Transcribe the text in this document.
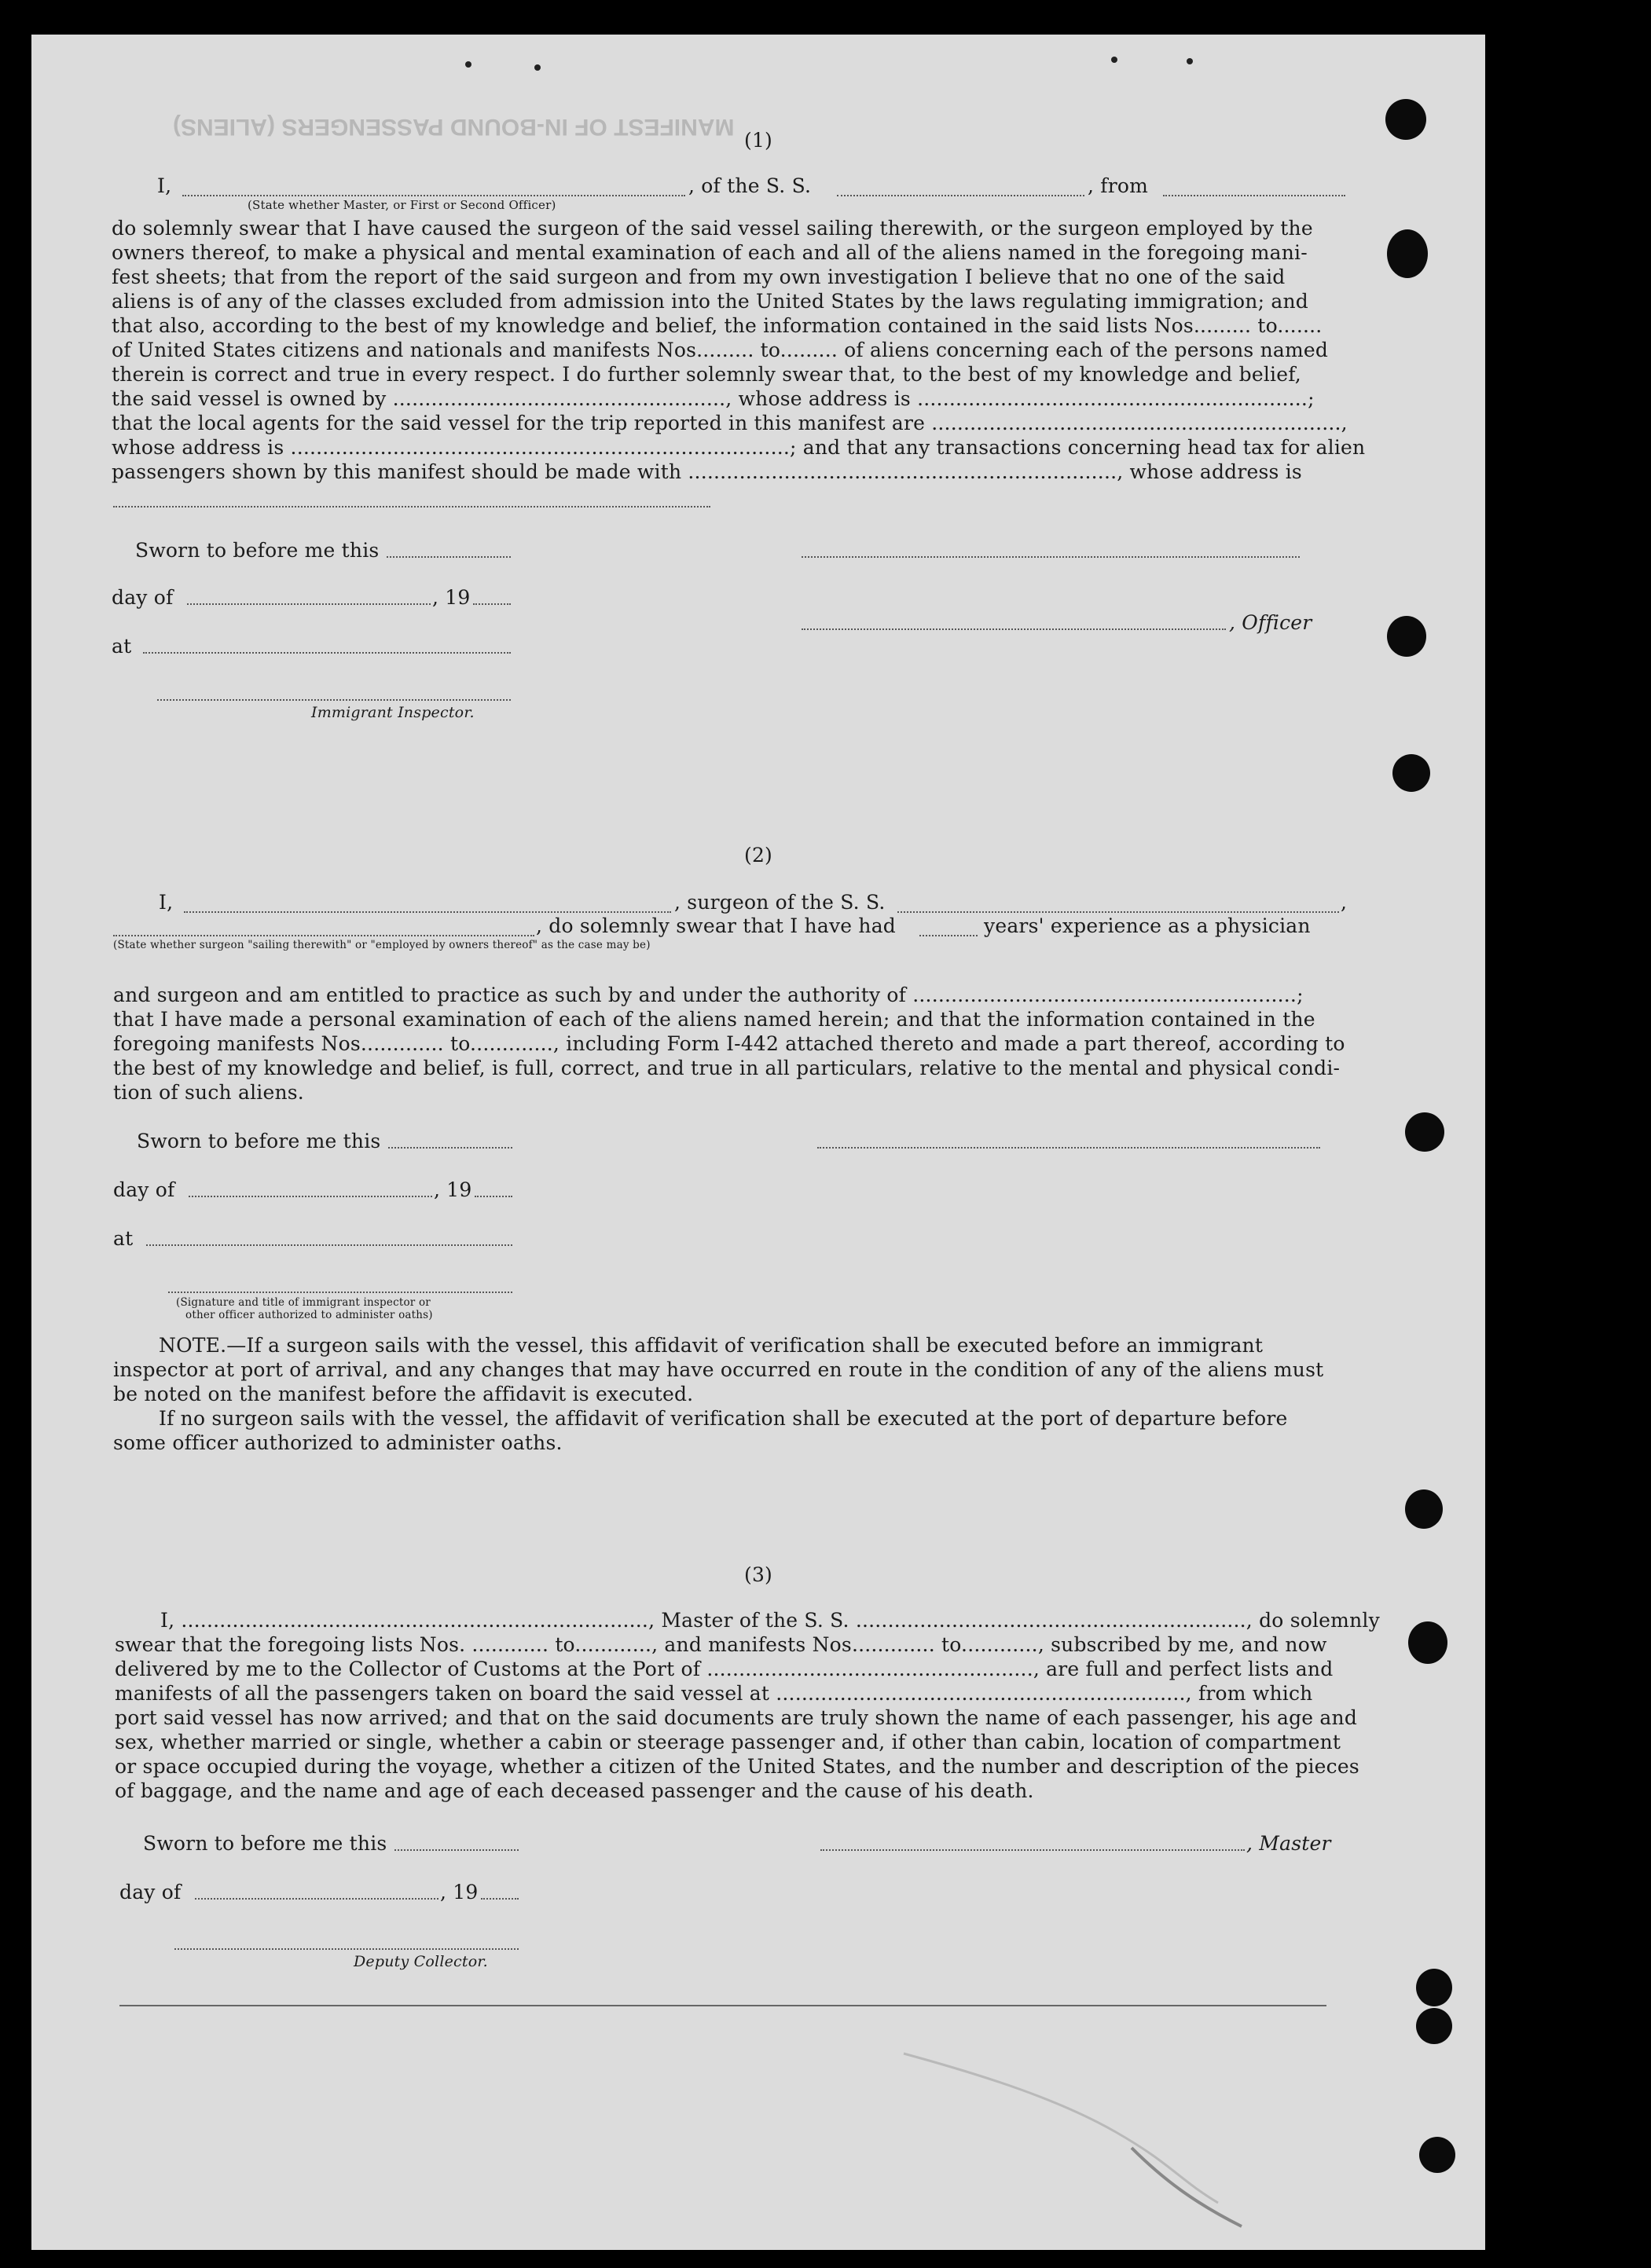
MANIFEST OF IN-BOUND PASSENGERS (ALIENS)
(1)
I,	, of the S. S.	, from
(State whether Master, or First or Second Officer)
do solemnly swear that I have caused the surgeon of the said vessel sailing therewith, or the surgeon employed by the
owners thereof, to make a physical and mental examination of each and all of the aliens named in the foregoing mani-
fest sheets; that from the report of the said surgeon and from my own investigation I believe that no one of the said
aliens is of any of the classes excluded from admission into the United States by the laws regulating immigration; and
that also, according to the best of my knowledge and belief, the information contained in the said lists Nos......... to.......
of United States citizens and nationals and manifests Nos......... to......... of aliens concerning each of the persons named
therein is correct and true in every respect. I do further solemnly swear that, to the best of my knowledge and belief,
the said vessel is owned by ...................................................., whose address is .............................................................;
that the local agents for the said vessel for the trip reported in this manifest are ................................................................,
whose address is ..............................................................................; and that any transactions concerning head tax for alien
passengers shown by this manifest should be made with ..................................................................., whose address is
Sworn to before me this
day of	, 19
, Officer
at
Immigrant Inspector.
(2)
I,	, surgeon of the S. S.	,
, do solemnly swear that I have had	years' experience as a physician
(State whether surgeon "sailing therewith" or "employed by owners thereof" as the case may be)
and surgeon and am entitled to practice as such by and under the authority of ............................................................;
that I have made a personal examination of each of the aliens named herein; and that the information contained in the
foregoing manifests Nos............. to............., including Form I-442 attached thereto and made a part thereof, according to
the best of my knowledge and belief, is full, correct, and true in all particulars, relative to the mental and physical condi-
tion of such aliens.
Sworn to before me this
day of	, 19
at
(Signature and title of immigrant inspector or
other officer authorized to administer oaths)
NOTE.—If a surgeon sails with the vessel, this affidavit of verification shall be executed before an immigrant
inspector at port of arrival, and any changes that may have occurred en route in the condition of any of the aliens must
be noted on the manifest before the affidavit is executed.
If no surgeon sails with the vessel, the affidavit of verification shall be executed at the port of departure before
some officer authorized to administer oaths.
(3)
I, ........................................................................., Master of the S. S. ............................................................., do solemnly
swear that the foregoing lists Nos. ............ to............, and manifests Nos............. to............, subscribed by me, and now
delivered by me to the Collector of Customs at the Port of ..................................................., are full and perfect lists and
manifests of all the passengers taken on board the said vessel at ................................................................, from which
port said vessel has now arrived; and that on the said documents are truly shown the name of each passenger, his age and
sex, whether married or single, whether a cabin or steerage passenger and, if other than cabin, location of compartment
or space occupied during the voyage, whether a citizen of the United States, and the number and description of the pieces
of baggage, and the name and age of each deceased passenger and the cause of his death.
Sworn to before me this	, Master
day of	, 19
Deputy Collector.
